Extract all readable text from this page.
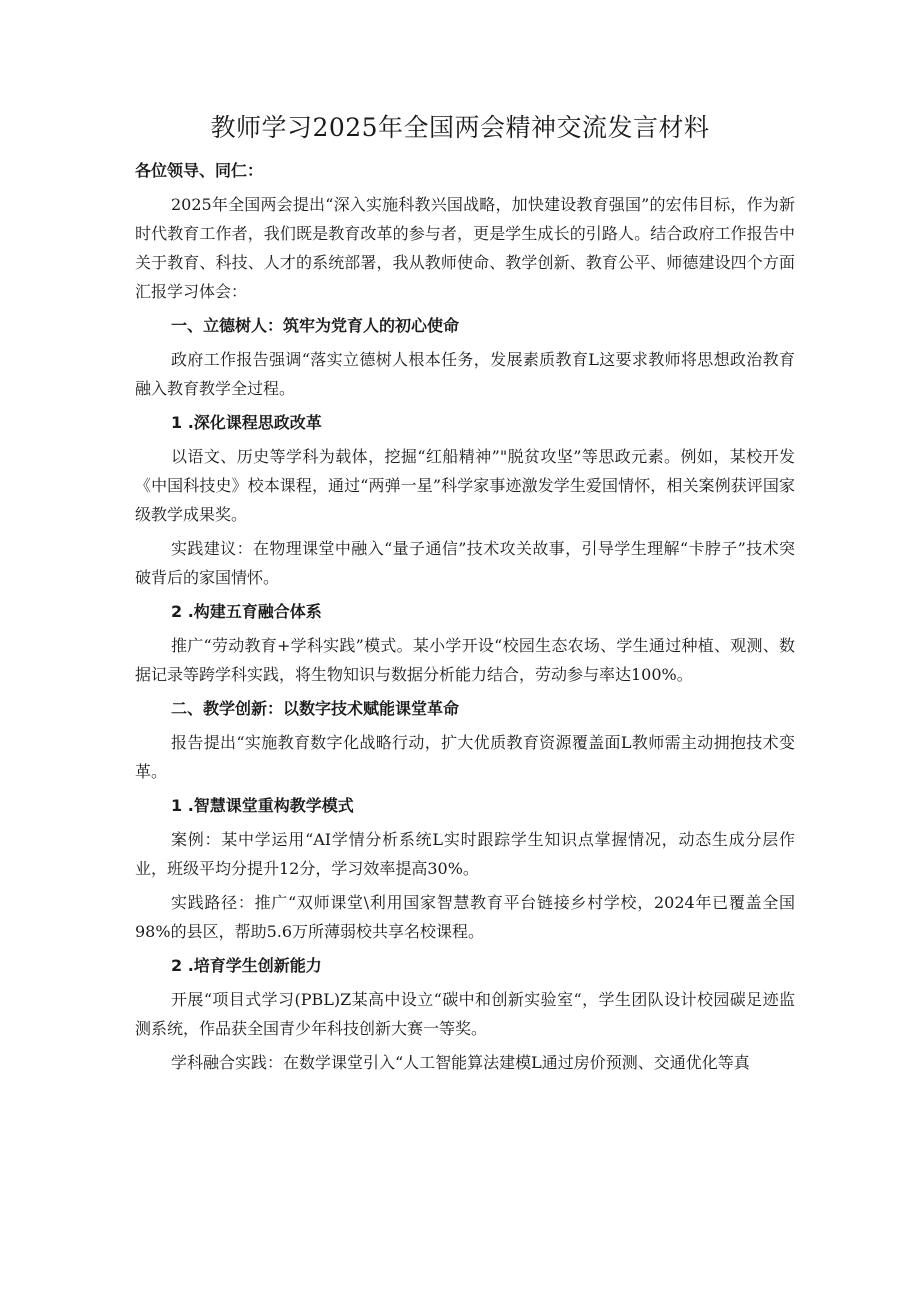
教师学习2025年全国两会精神交流发言材料
各位领导、同仁：
2025年全国两会提出“深入实施科教兴国战略，加快建设教育强国”的宏伟目标，作为新时代教育工作者，我们既是教育改革的参与者，更是学生成长的引路人。结合政府工作报告中关于教育、科技、人才的系统部署，我从教师使命、教学创新、教育公平、师德建设四个方面汇报学习体会：
一、立德树人：筑牢为党育人的初心使命
政府工作报告强调“落实立德树人根本任务，发展素质教育L这要求教师将思想政治教育融入教育教学全过程。
1 .深化课程思政改革
以语文、历史等学科为载体，挖掘“红船精神”"脱贫攻坚”等思政元素。例如，某校开发《中国科技史》校本课程，通过“两弹一星”科学家事迹激发学生爱国情怀，相关案例获评国家级教学成果奖。
实践建议：在物理课堂中融入“量子通信”技术攻关故事，引导学生理解“卡脖子”技术突破背后的家国情怀。
2 .构建五育融合体系
推广“劳动教育+学科实践”模式。某小学开设“校园生态农场、学生通过种植、观测、数据记录等跨学科实践，将生物知识与数据分析能力结合，劳动参与率达100%。
二、教学创新：以数字技术赋能课堂革命
报告提出“实施教育数字化战略行动，扩大优质教育资源覆盖面L教师需主动拥抱技术变革。
1 .智慧课堂重构教学模式
案例：某中学运用“AI学情分析系统L实时跟踪学生知识点掌握情况，动态生成分层作业，班级平均分提升12分，学习效率提高30%。
实践路径：推广“双师课堂\利用国家智慧教育平台链接乡村学校，2024年已覆盖全国98%的县区，帮助5.6万所薄弱校共享名校课程。
2 .培育学生创新能力
开展“项目式学习(PBL)Z某高中设立“碳中和创新实验室“，学生团队设计校园碳足迹监测系统，作品获全国青少年科技创新大赛一等奖。
学科融合实践：在数学课堂引入“人工智能算法建模L通过房价预测、交通优化等真
